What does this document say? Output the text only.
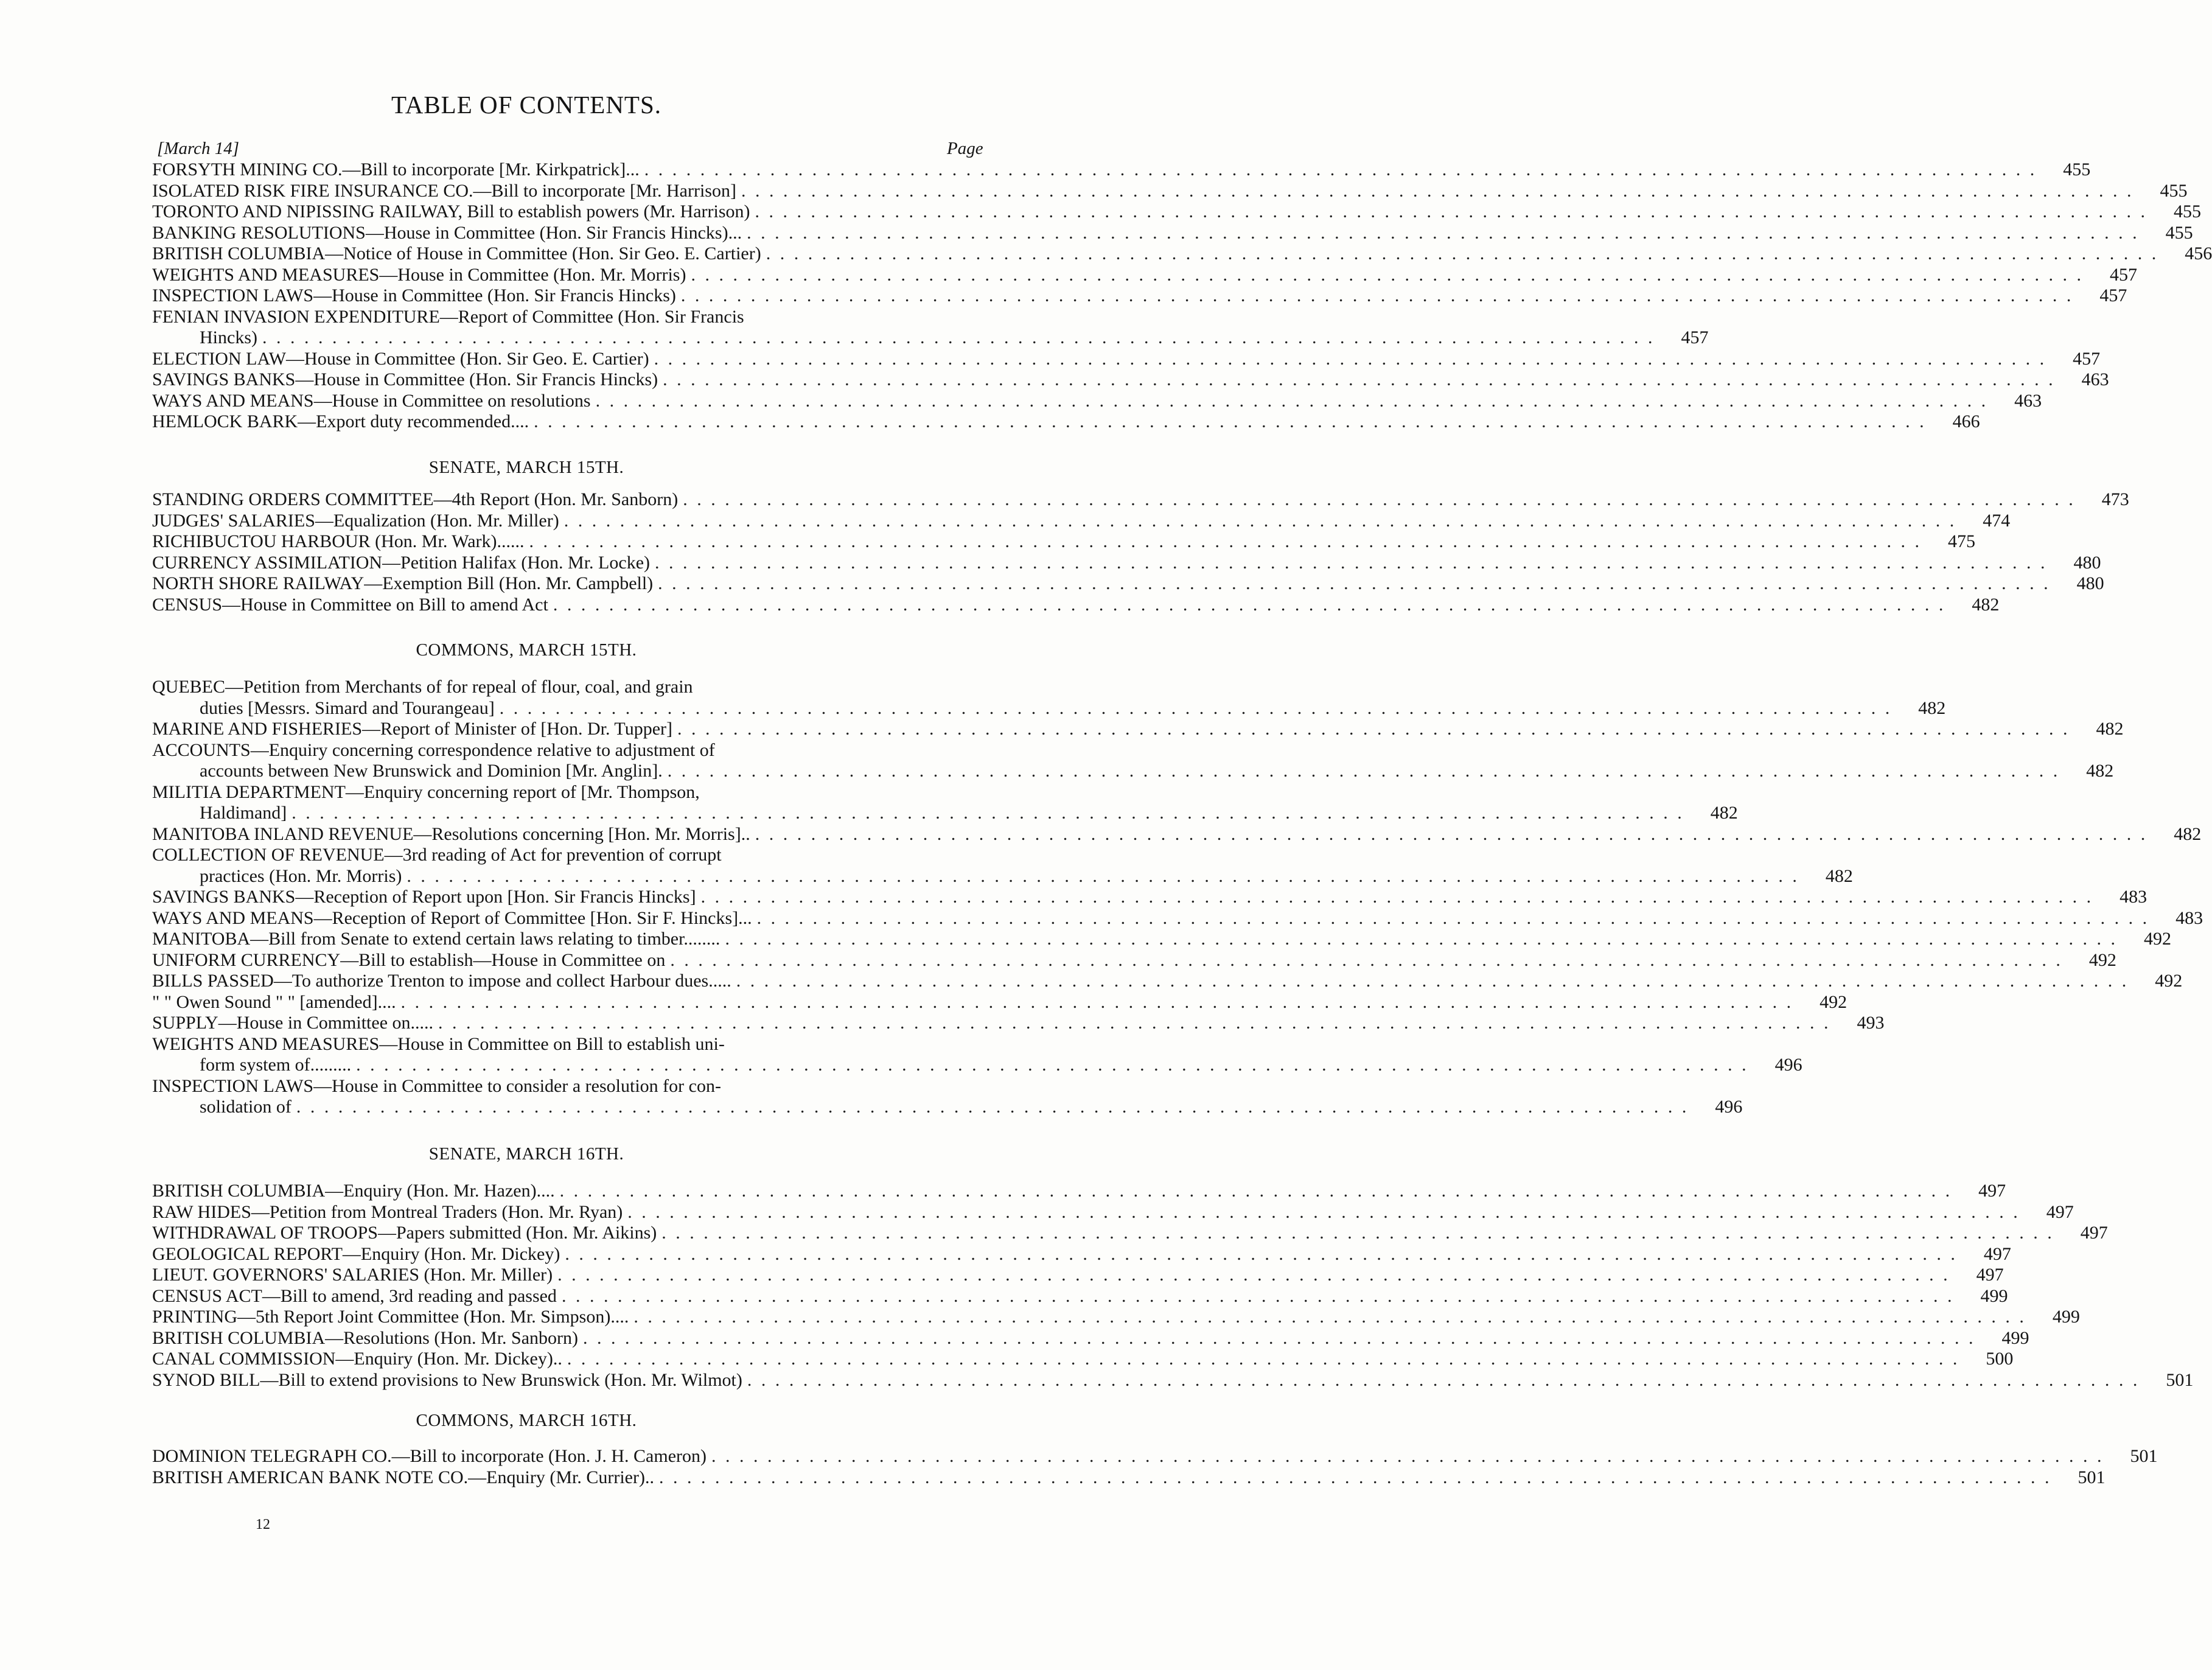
TABLE OF CONTENTS.
[March 14]	Page
FORSYTH MINING CO.—Bill to incorporate [Mr. Kirkpatrick]... . . .	455
ISOLATED RISK FIRE INSURANCE CO.—Bill to incorporate [Mr. Harrison] . . .	455
TORONTO AND NIPISSING RAILWAY, Bill to establish powers (Mr. Harrison) . . .	455
BANKING RESOLUTIONS—House in Committee (Hon. Sir Francis Hincks)... . . .	455
BRITISH COLUMBIA—Notice of House in Committee (Hon. Sir Geo. E. Cartier) . . .	456
WEIGHTS AND MEASURES—House in Committee (Hon. Mr. Morris) . . .	457
INSPECTION LAWS—House in Committee (Hon. Sir Francis Hincks) . . .	457
FENIAN INVASION EXPENDITURE—Report of Committee (Hon. Sir Francis
Hincks) . . .	457
ELECTION LAW—House in Committee (Hon. Sir Geo. E. Cartier) . . .	457
SAVINGS BANKS—House in Committee (Hon. Sir Francis Hincks) . . .	463
WAYS AND MEANS—House in Committee on resolutions . . .	463
HEMLOCK BARK—Export duty recommended.... . . .	466
SENATE, MARCH 15TH.
STANDING ORDERS COMMITTEE—4th Report (Hon. Mr. Sanborn) . . .	473
JUDGES' SALARIES—Equalization (Hon. Mr. Miller) . . .	474
RICHIBUCTOU HARBOUR (Hon. Mr. Wark)...... . . .	475
CURRENCY ASSIMILATION—Petition Halifax (Hon. Mr. Locke) . . .	480
NORTH SHORE RAILWAY—Exemption Bill (Hon. Mr. Campbell) . . .	480
CENSUS—House in Committee on Bill to amend Act . . .	482
COMMONS, MARCH 15TH.
QUEBEC—Petition from Merchants of for repeal of flour, coal, and grain
duties [Messrs. Simard and Tourangeau] . . .	482
MARINE AND FISHERIES—Report of Minister of [Hon. Dr. Tupper] . . .	482
ACCOUNTS—Enquiry concerning correspondence relative to adjustment of
accounts between New Brunswick and Dominion [Mr. Anglin]. . . .	482
MILITIA DEPARTMENT—Enquiry concerning report of [Mr. Thompson,
Haldimand] . . .	482
MANITOBA INLAND REVENUE—Resolutions concerning [Hon. Mr. Morris].. . . .	482
COLLECTION OF REVENUE—3rd reading of Act for prevention of corrupt
practices (Hon. Mr. Morris) . . .	482
SAVINGS BANKS—Reception of Report upon [Hon. Sir Francis Hincks] . . .	483
WAYS AND MEANS—Reception of Report of Committee [Hon. Sir F. Hincks]... . . .	483
MANITOBA—Bill from Senate to extend certain laws relating to timber........ . . .	492
UNIFORM CURRENCY—Bill to establish—House in Committee on . . .	492
BILLS PASSED—To authorize Trenton to impose and collect Harbour dues..... . . .	492
" " Owen Sound " " [amended].... . . .	492
SUPPLY—House in Committee on..... . . .	493
WEIGHTS AND MEASURES—House in Committee on Bill to establish uni-
form system of......... . . .	496
INSPECTION LAWS—House in Committee to consider a resolution for con-
solidation of . . .	496
SENATE, MARCH 16TH.
BRITISH COLUMBIA—Enquiry (Hon. Mr. Hazen).... . . .	497
RAW HIDES—Petition from Montreal Traders (Hon. Mr. Ryan) . . .	497
WITHDRAWAL OF TROOPS—Papers submitted (Hon. Mr. Aikins) . . .	497
GEOLOGICAL REPORT—Enquiry (Hon. Mr. Dickey) . . .	497
LIEUT. GOVERNORS' SALARIES (Hon. Mr. Miller) . . .	497
CENSUS ACT—Bill to amend, 3rd reading and passed . . .	499
PRINTING—5th Report Joint Committee (Hon. Mr. Simpson).... . . .	499
BRITISH COLUMBIA—Resolutions (Hon. Mr. Sanborn) . . .	499
CANAL COMMISSION—Enquiry (Hon. Mr. Dickey).. . . .	500
SYNOD BILL—Bill to extend provisions to New Brunswick (Hon. Mr. Wilmot) . . .	501
COMMONS, MARCH 16TH.
DOMINION TELEGRAPH CO.—Bill to incorporate (Hon. J. H. Cameron) . . .	501
BRITISH AMERICAN BANK NOTE CO.—Enquiry (Mr. Currier).. . . .	501
12
